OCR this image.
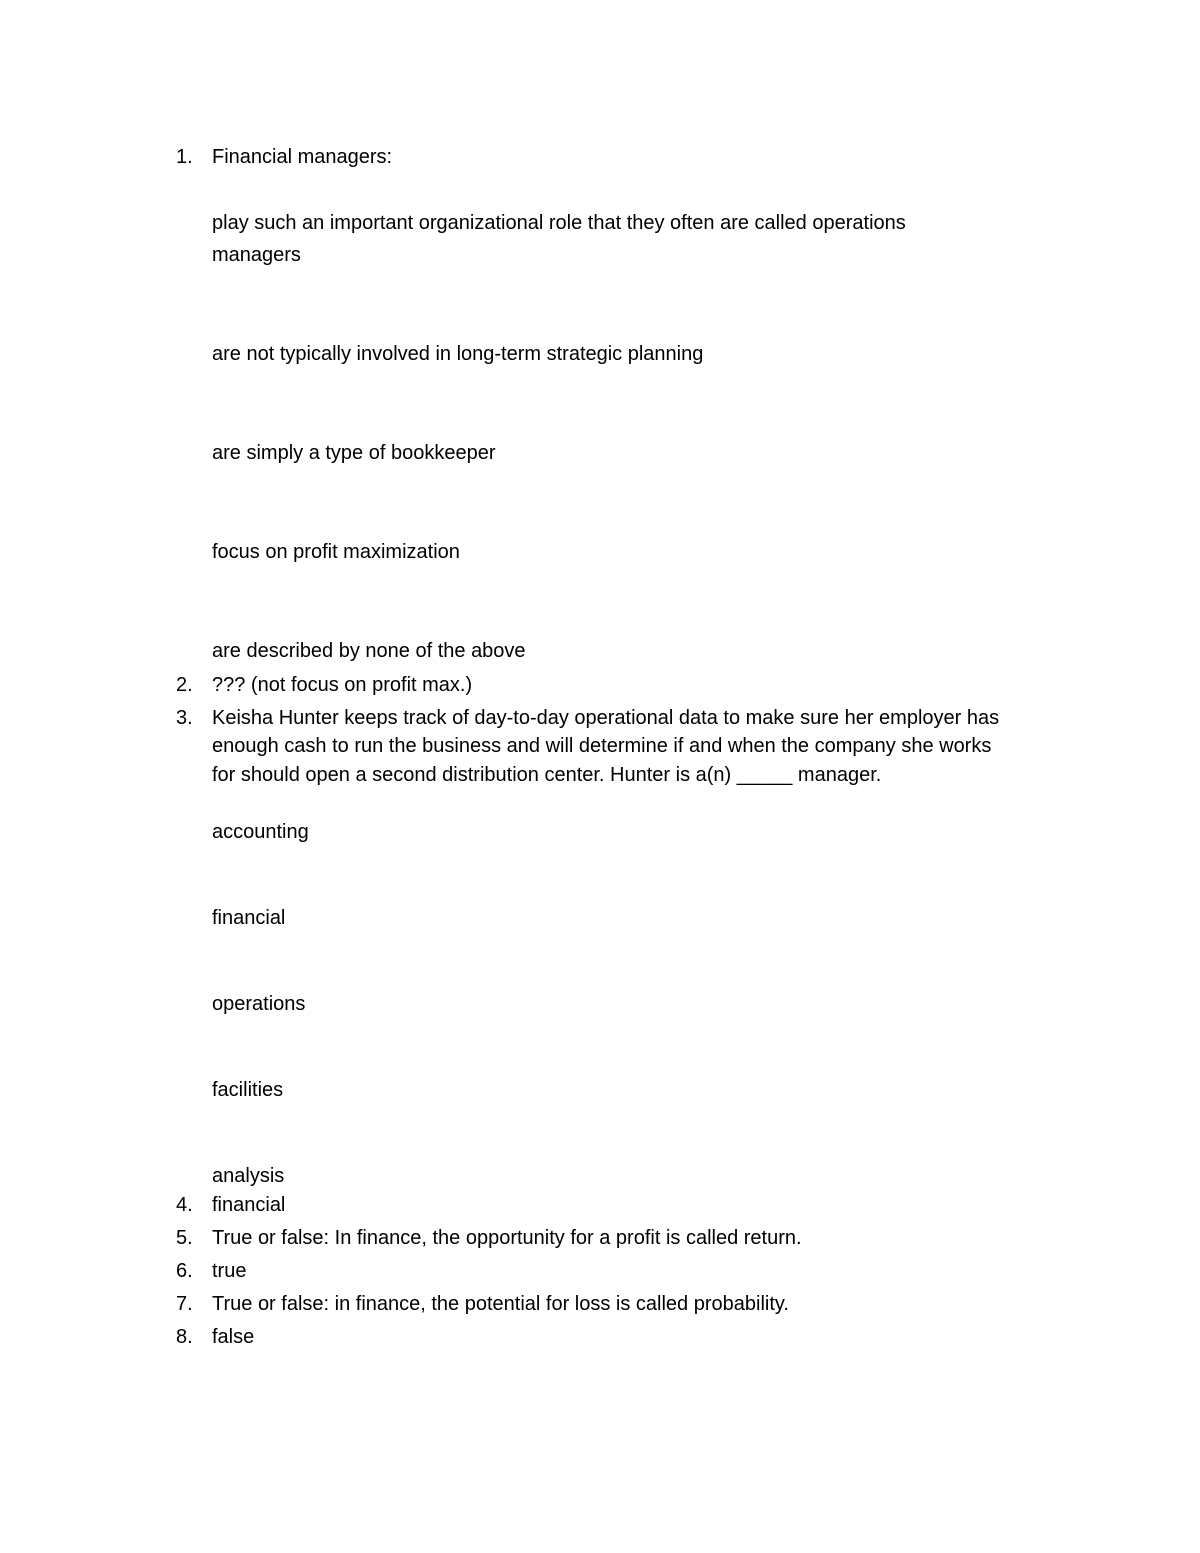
1. Financial managers:
play such an important organizational role that they often are called operations
managers
are not typically involved in long-term strategic planning
are simply a type of bookkeeper
focus on profit maximization
are described by none of the above
2. ??? (not focus on profit max.)
3. Keisha Hunter keeps track of day-to-day operational data to make sure her employer has
enough cash to run the business and will determine if and when the company she works
for should open a second distribution center. Hunter is a(n) _____ manager.
accounting
financial
operations
facilities
analysis
4. financial
5. True or false: In finance, the opportunity for a profit is called return.
6. true
7. True or false: in finance, the potential for loss is called probability.
8. false
